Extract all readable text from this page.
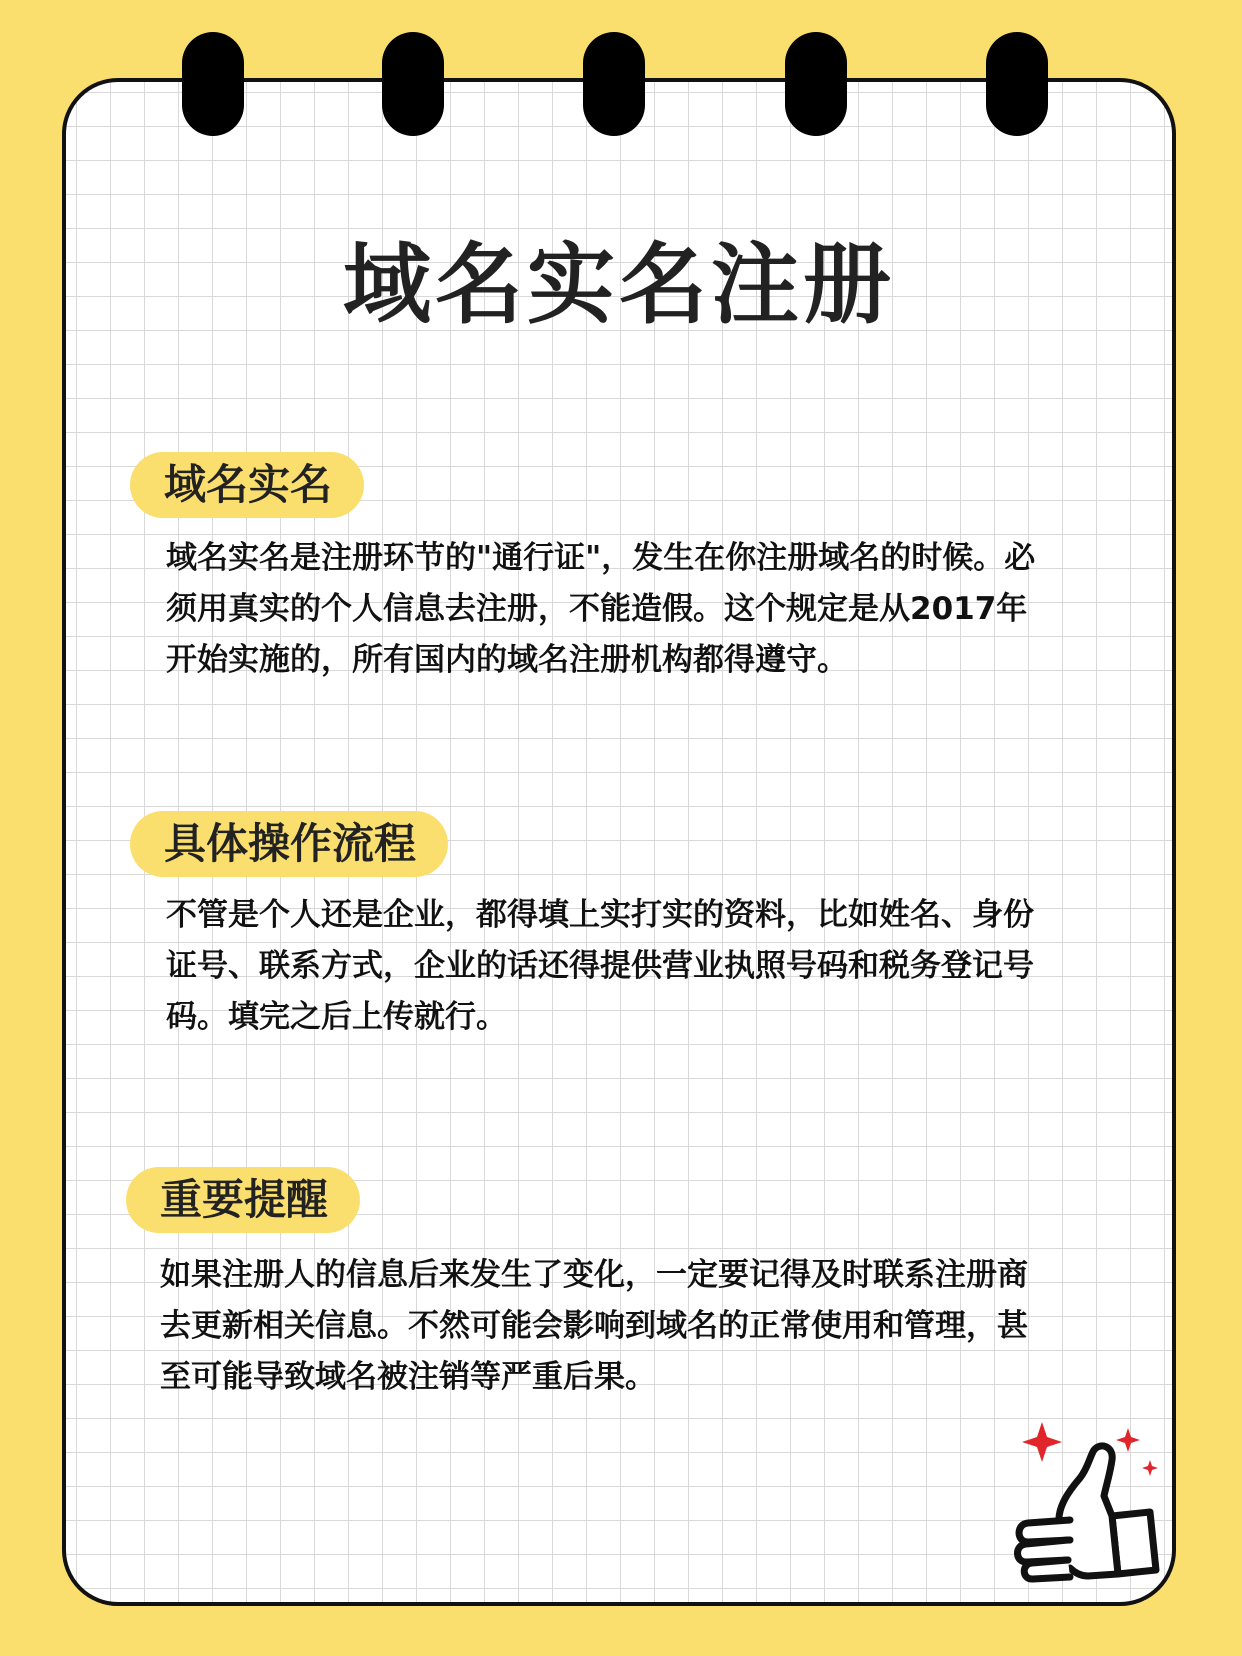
域名实名注册
域名实名
域名实名是注册环节的"通行证"，发生在你注册域名的时候。必
须用真实的个人信息去注册，不能造假。这个规定是从2017年
开始实施的，所有国内的域名注册机构都得遵守。
具体操作流程
不管是个人还是企业，都得填上实打实的资料，比如姓名、身份
证号、联系方式，企业的话还得提供营业执照号码和税务登记号
码。填完之后上传就行。
重要提醒
如果注册人的信息后来发生了变化，一定要记得及时联系注册商
去更新相关信息。不然可能会影响到域名的正常使用和管理，甚
至可能导致域名被注销等严重后果。
